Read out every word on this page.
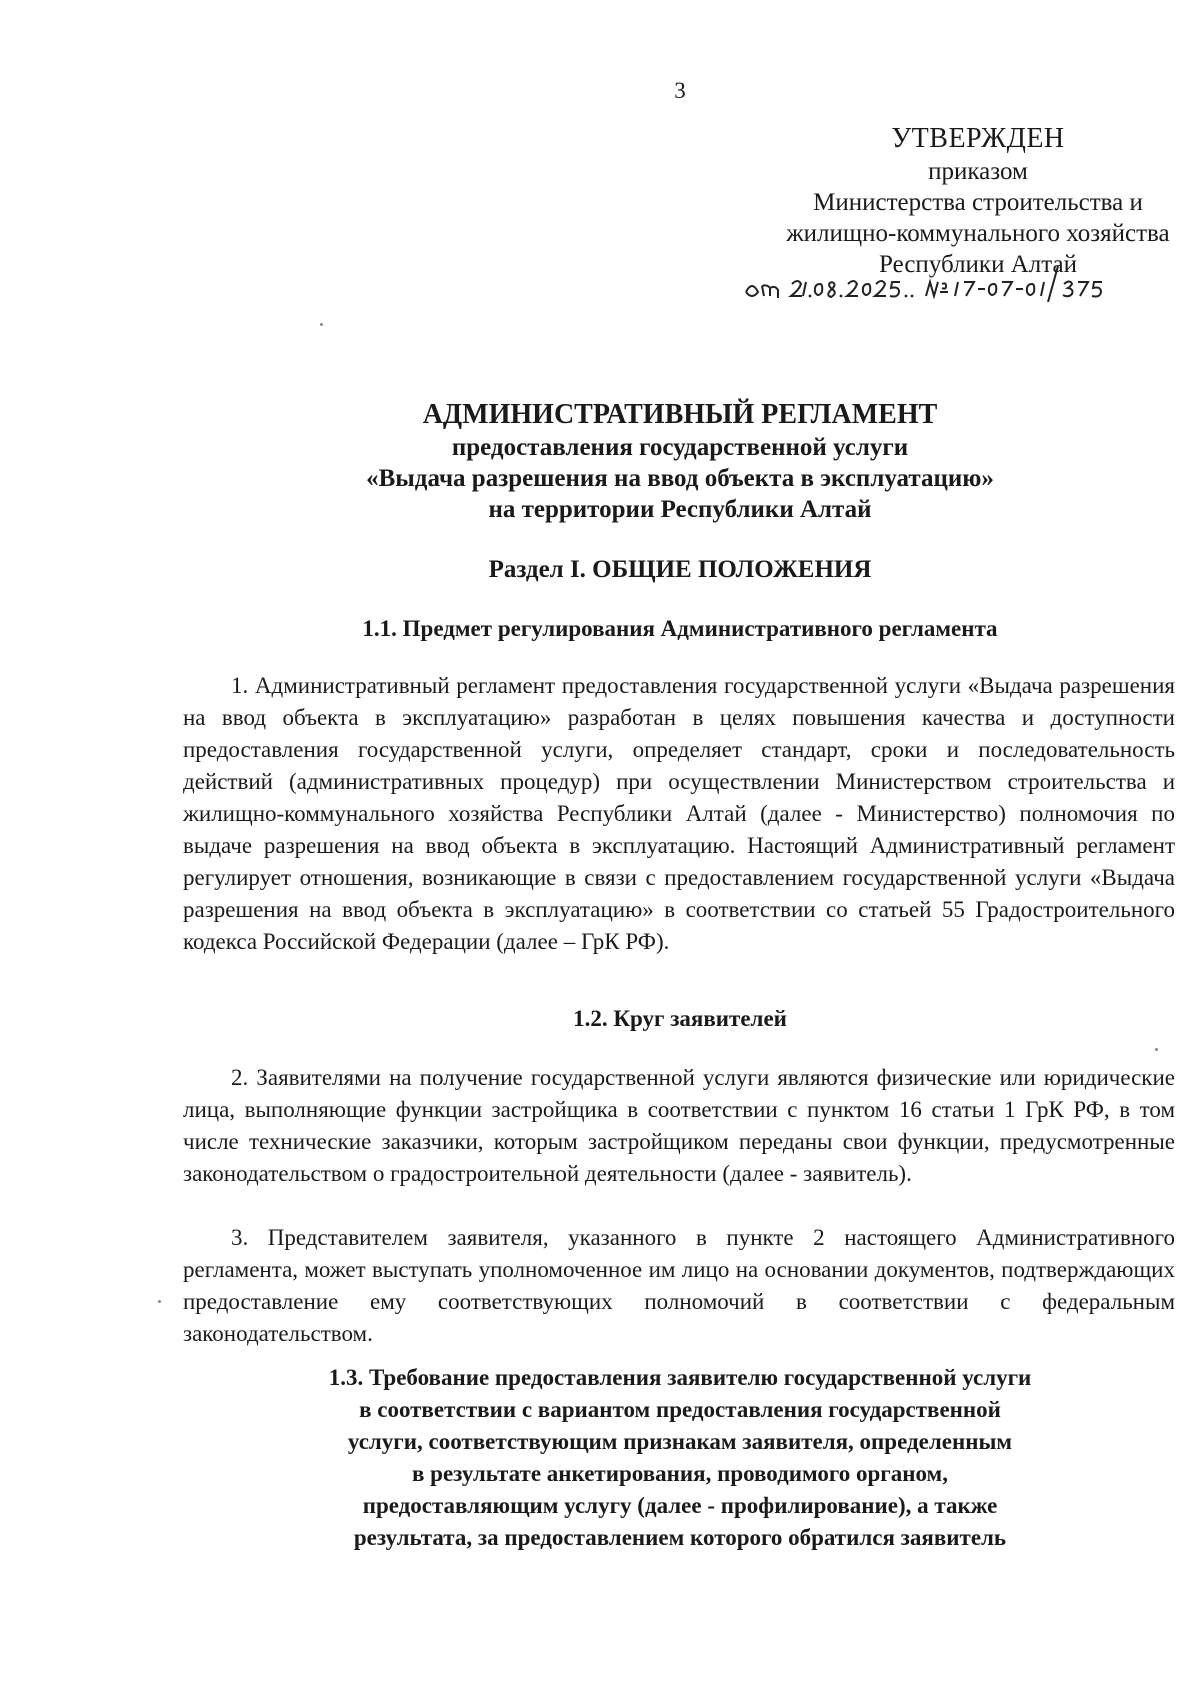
3
УТВЕРЖДЕН
приказом
Министерства строительства и
жилищно-коммунального хозяйства
Республики Алтай
АДМИНИСТРАТИВНЫЙ РЕГЛАМЕНТ
предоставления государственной услуги
«Выдача разрешения на ввод объекта в эксплуатацию»
на территории Республики Алтай
Раздел I. ОБЩИЕ ПОЛОЖЕНИЯ
1.1. Предмет регулирования Административного регламента

1. Административный регламент предоставления государственной услуги «Выдача разрешения на ввод объекта в эксплуатацию» разработан в целях повышения качества и доступности предоставления государственной услуги, определяет стандарт, сроки и последовательность действий (административных процедур) при осуществлении Министерством строительства и жилищно-коммунального хозяйства Республики Алтай (далее - Министерство) полномочия по выдаче разрешения на ввод объекта в эксплуатацию. Настоящий Административный регламент регулирует отношения, возникающие в связи с предоставлением государственной услуги «Выдача разрешения на ввод объекта в эксплуатацию» в соответствии со статьей 55 Градостроительного кодекса Российской Федерации (далее – ГрК РФ).

1.2. Круг заявителей

2. Заявителями на получение государственной услуги являются физические или юридические лица, выполняющие функции застройщика в соответствии с пунктом 16 статьи 1 ГрК РФ, в том числе технические заказчики, которым застройщиком переданы свои функции, предусмотренные законодательством о градостроительной деятельности (далее - заявитель).

3. Представителем заявителя, указанного в пункте 2 настоящего Административного регламента, может выступать уполномоченное им лицо на основании документов, подтверждающих предоставление ему соответствующих полномочий в соответствии с федеральным законодательством.

1.3. Требование предоставления заявителю государственной услуги
в соответствии с вариантом предоставления государственной
услуги, соответствующим признакам заявителя, определенным
в результате анкетирования, проводимого органом,
предоставляющим услугу (далее - профилирование), а также
результата, за предоставлением которого обратился заявитель
